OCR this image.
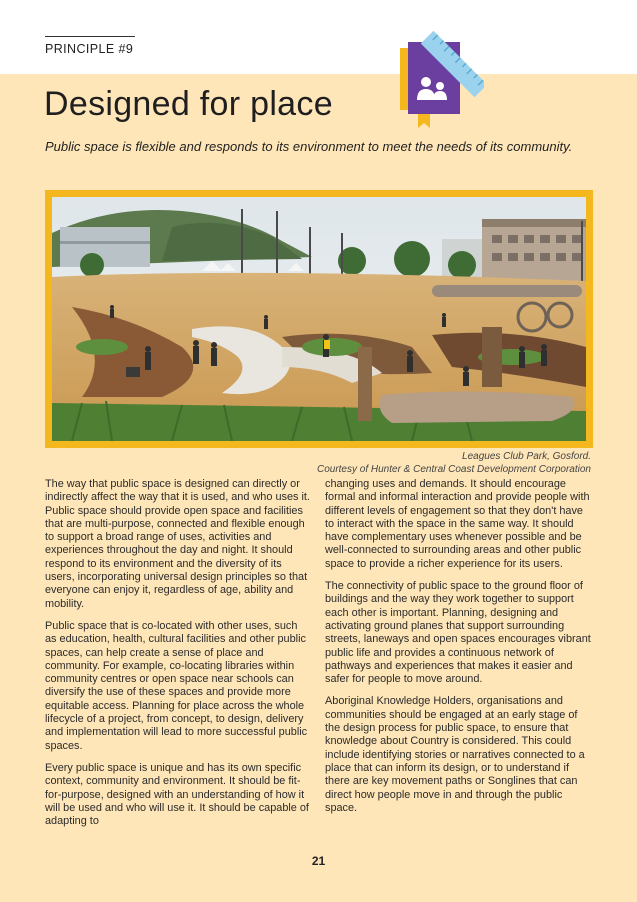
PRINCIPLE #9
Designed for place

Public space is flexible and responds to its environment to meet the needs of its community.

Leagues Club Park, Gosford.
Courtesy of Hunter & Central Coast Development Corporation

The way that public space is designed can directly or indirectly affect the way that it is used, and who uses it. Public space should provide open space and facilities that are multi-purpose, connected and flexible enough to support a broad range of uses, activities and experiences throughout the day and night. It should respond to its environment and the diversity of its users, incorporating universal design principles so that everyone can enjoy it, regardless of age, ability and mobility.

Public space that is co-located with other uses, such as education, health, cultural facilities and other public spaces, can help create a sense of place and community. For example, co-locating libraries within community centres or open space near schools can diversify the use of these spaces and provide more equitable access. Planning for place across the whole lifecycle of a project, from concept, to design, delivery and implementation will lead to more successful public spaces.

Every public space is unique and has its own specific context, community and environment. It should be fit-for-purpose, designed with an understanding of how it will be used and who will use it. It should be capable of adapting to

changing uses and demands. It should encourage formal and informal interaction and provide people with different levels of engagement so that they don't have to interact with the space in the same way. It should have complementary uses whenever possible and be well-connected to surrounding areas and other public space to provide a richer experience for its users.

The connectivity of public space to the ground floor of buildings and the way they work together to support each other is important. Planning, designing and activating ground planes that support surrounding streets, laneways and open spaces encourages vibrant public life and provides a continuous network of pathways and experiences that makes it easier and safer for people to move around.

Aboriginal Knowledge Holders, organisations and communities should be engaged at an early stage of the design process for public space, to ensure that knowledge about Country is considered. This could include identifying stories or narratives connected to a place that can inform its design, or to understand if there are key movement paths or Songlines that can direct how people move in and through the public space.

21
